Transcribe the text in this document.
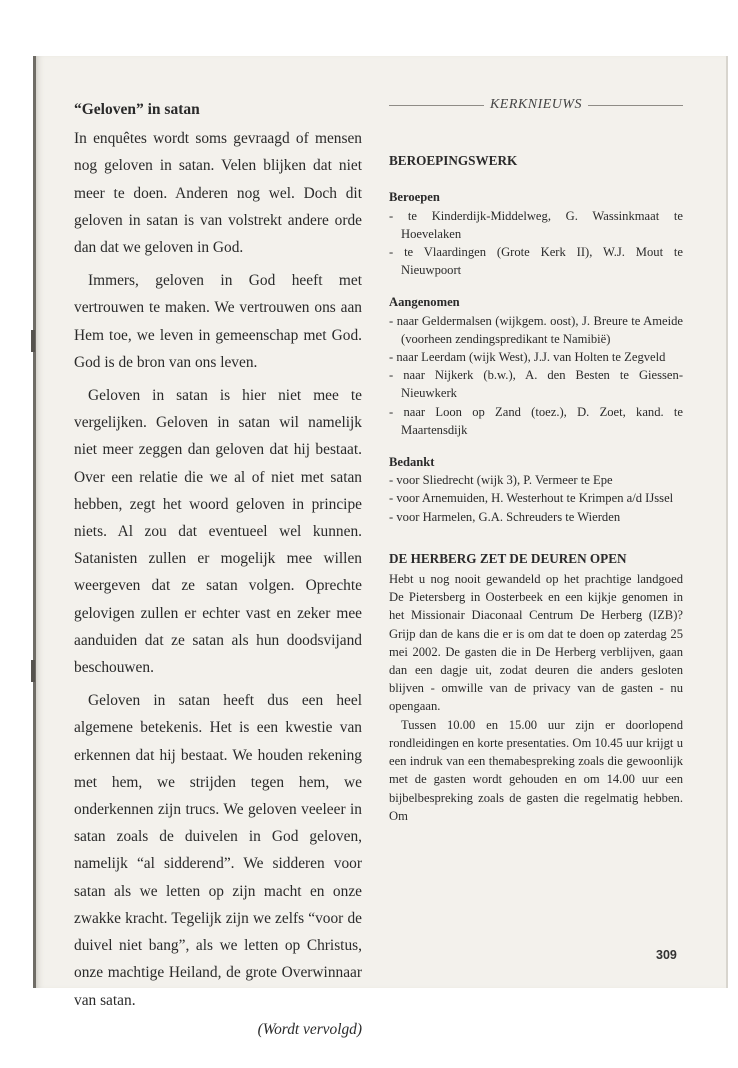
“Geloven” in satan

In enquêtes wordt soms gevraagd of mensen nog geloven in satan. Velen blijken dat niet meer te doen. Anderen nog wel. Doch dit geloven in satan is van volstrekt andere orde dan dat we geloven in God.

Immers, geloven in God heeft met vertrouwen te maken. We vertrouwen ons aan Hem toe, we leven in gemeenschap met God. God is de bron van ons leven.

Geloven in satan is hier niet mee te vergelijken. Geloven in satan wil namelijk niet meer zeggen dan geloven dat hij bestaat. Over een relatie die we al of niet met satan hebben, zegt het woord geloven in principe niets. Al zou dat eventueel wel kunnen. Satanisten zullen er mogelijk mee willen weergeven dat ze satan volgen. Oprechte gelovigen zullen er echter vast en zeker mee aanduiden dat ze satan als hun doodsvijand beschouwen.

Geloven in satan heeft dus een heel algemene betekenis. Het is een kwestie van erkennen dat hij bestaat. We houden rekening met hem, we strijden tegen hem, we onderkennen zijn trucs. We geloven veeleer in satan zoals de duivelen in God geloven, namelijk “al sidderend”. We sidderen voor satan als we letten op zijn macht en onze zwakke kracht. Tegelijk zijn we zelfs “voor de duivel niet bang”, als we letten op Christus, onze machtige Heiland, de grote Overwinnaar van satan.

(Wordt vervolgd)
KERKNIEUWS
BEROEPINGSWERK
Beroepen
- te Kinderdijk-Middelweg, G. Wassinkmaat te Hoevelaken
- te Vlaardingen (Grote Kerk II), W.J. Mout te Nieuwpoort
Aangenomen
- naar Geldermalsen (wijkgem. oost), J. Breure te Ameide (voorheen zendingspredikant te Namibië)
- naar Leerdam (wijk West), J.J. van Holten te Zegveld
- naar Nijkerk (b.w.), A. den Besten te Giessen-Nieuwkerk
- naar Loon op Zand (toez.), D. Zoet, kand. te Maartensdijk
Bedankt
- voor Sliedrecht (wijk 3), P. Vermeer te Epe
- voor Arnemuiden, H. Westerhout te Krimpen a/d IJssel
- voor Harmelen, G.A. Schreuders te Wierden
DE HERBERG ZET DE DEUREN OPEN

Hebt u nog nooit gewandeld op het prachtige landgoed De Pietersberg in Oosterbeek en een kijkje genomen in het Missionair Diaconaal Centrum De Herberg (IZB)? Grijp dan de kans die er is om dat te doen op zaterdag 25 mei 2002. De gasten die in De Herberg verblijven, gaan dan een dagje uit, zodat deuren die anders gesloten blijven - omwille van de privacy van de gasten - nu opengaan.

Tussen 10.00 en 15.00 uur zijn er doorlopend rondleidingen en korte presentaties. Om 10.45 uur krijgt u een indruk van een themabespreking zoals die gewoonlijk met de gasten wordt gehouden en om 14.00 uur een bijbelbespreking zoals de gasten die regelmatig hebben. Om

309
